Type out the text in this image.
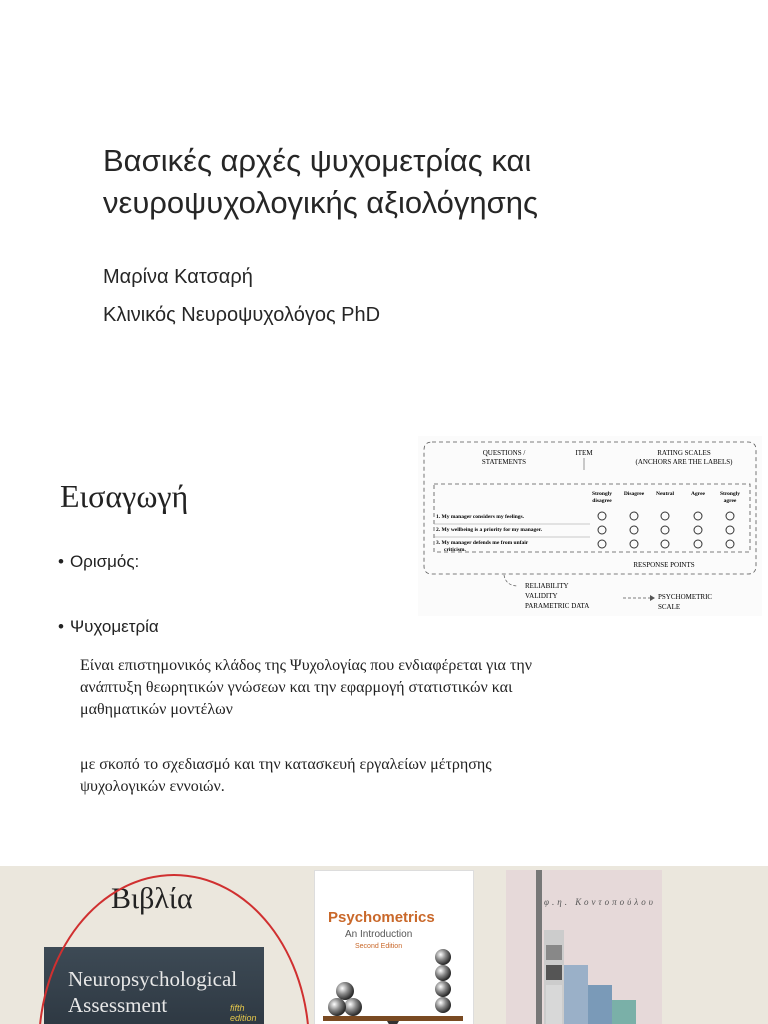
Βασικές αρχές ψυχομετρίας και
νευροψυχολογικής αξιολόγησης
Μαρίνα Κατσαρή
Κλινικός Νευροψυχολόγος PhD
Εισαγωγή
• Ορισμός:
• Ψυχομετρία
Είναι επιστημονικός κλάδος της Ψυχολογίας που ενδιαφέρεται για την
ανάπτυξη θεωρητικών γνώσεων και την εφαρμογή στατιστικών και
μαθηματικών μοντέλων
με σκοπό το σχεδιασμό και την κατασκευή εργαλείων μέτρησης
ψυχολογικών εννοιών.
QUESTIONS /
STATEMENTS
ITEM	RATING SCALES
(ANCHORS ARE THE LABELS)
Strongly
disagree
Disagree Neutral	Agree	Strongly
agree
1. My manager considers my feelings.
2. My wellbeing is a priority for my manager.
3. My manager defends me from unfair
criticism.
RESPONSE POINTS
RELIABILITY
VALIDITY
PARAMETRIC DATA
PSYCHOMETRIC
SCALE
Βιβλία
Neuropsychological
Assessment	fifth edition
Psychometrics
An Introduction
Second Edition
φ.η. Κοντοπούλου
